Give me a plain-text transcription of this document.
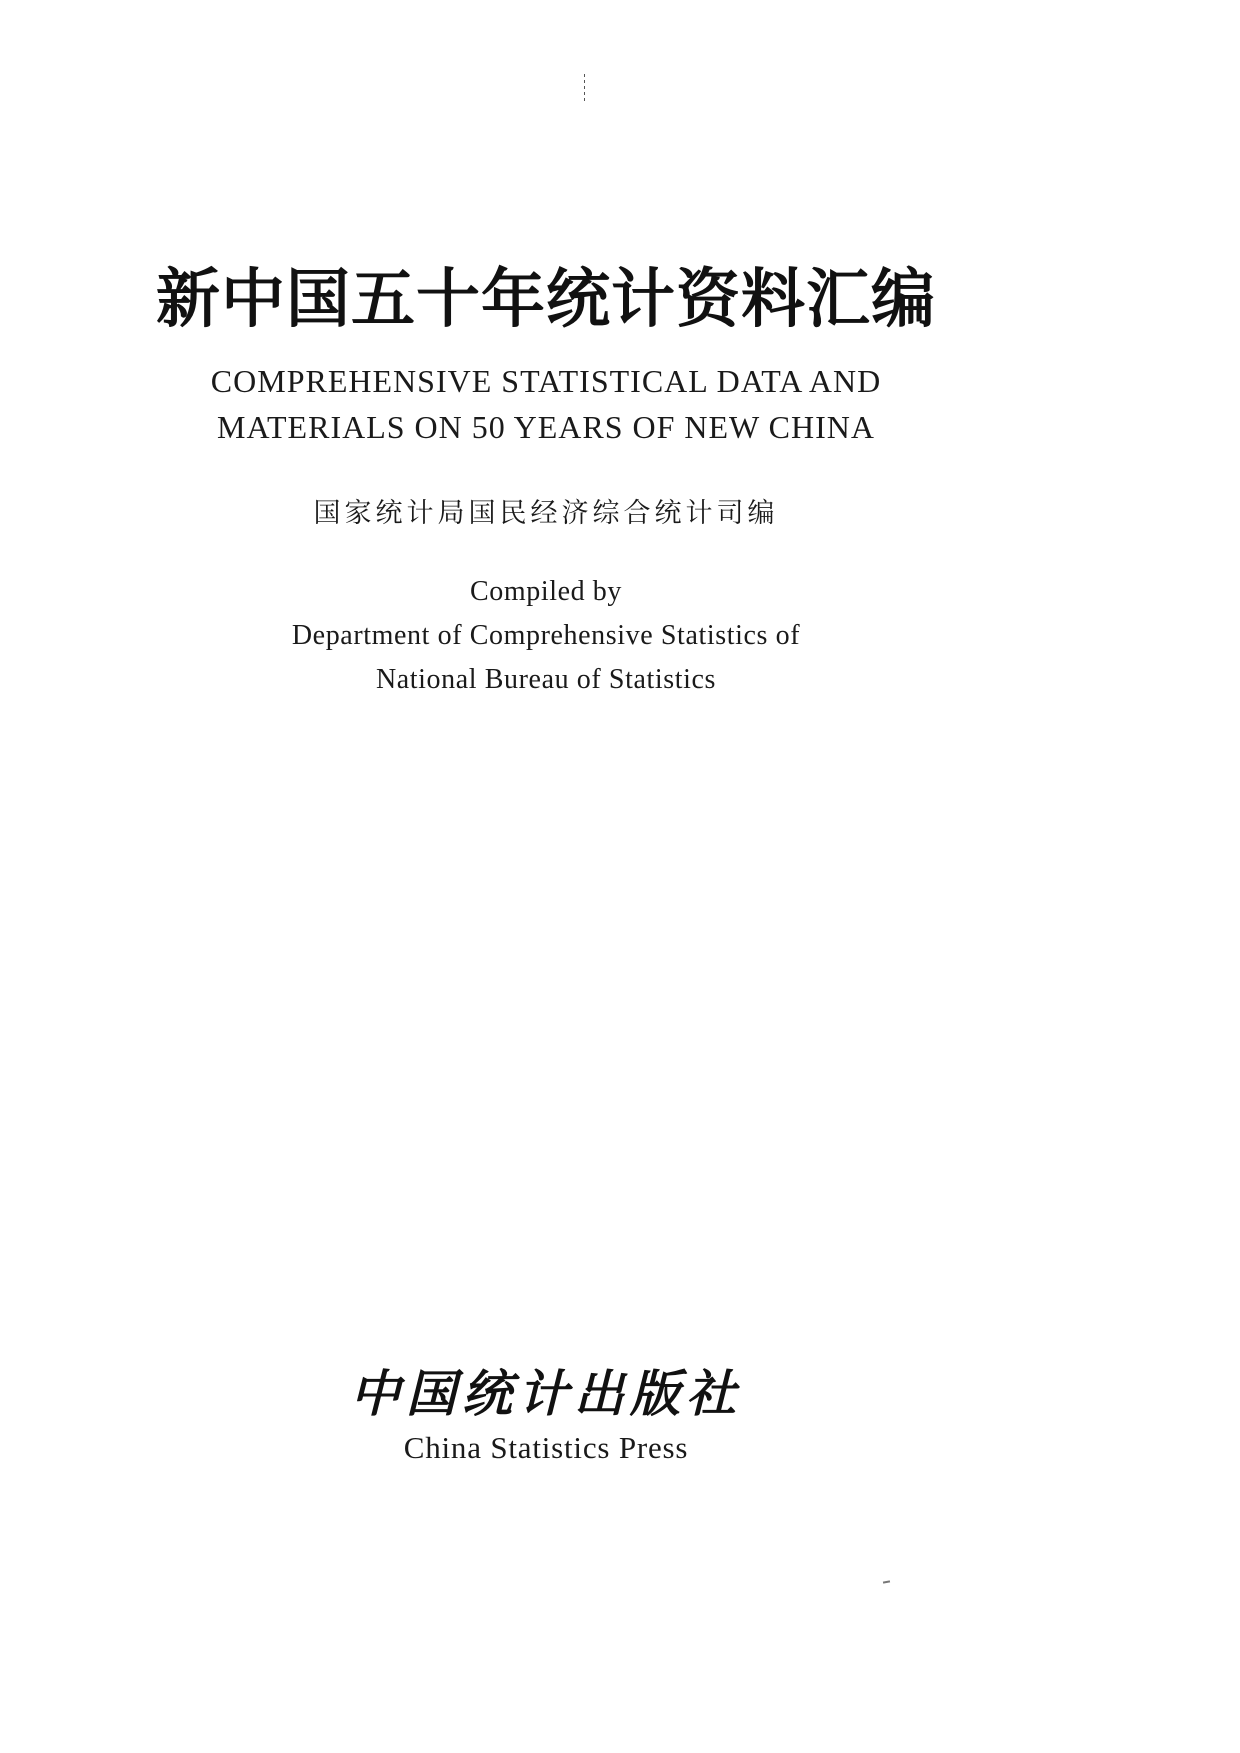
新中国五十年统计资料汇编
COMPREHENSIVE STATISTICAL DATA AND
MATERIALS ON 50 YEARS OF NEW CHINA
国家统计局国民经济综合统计司编
Compiled by
Department of Comprehensive Statistics of
National Bureau of Statistics
中国统计出版社
China Statistics Press
